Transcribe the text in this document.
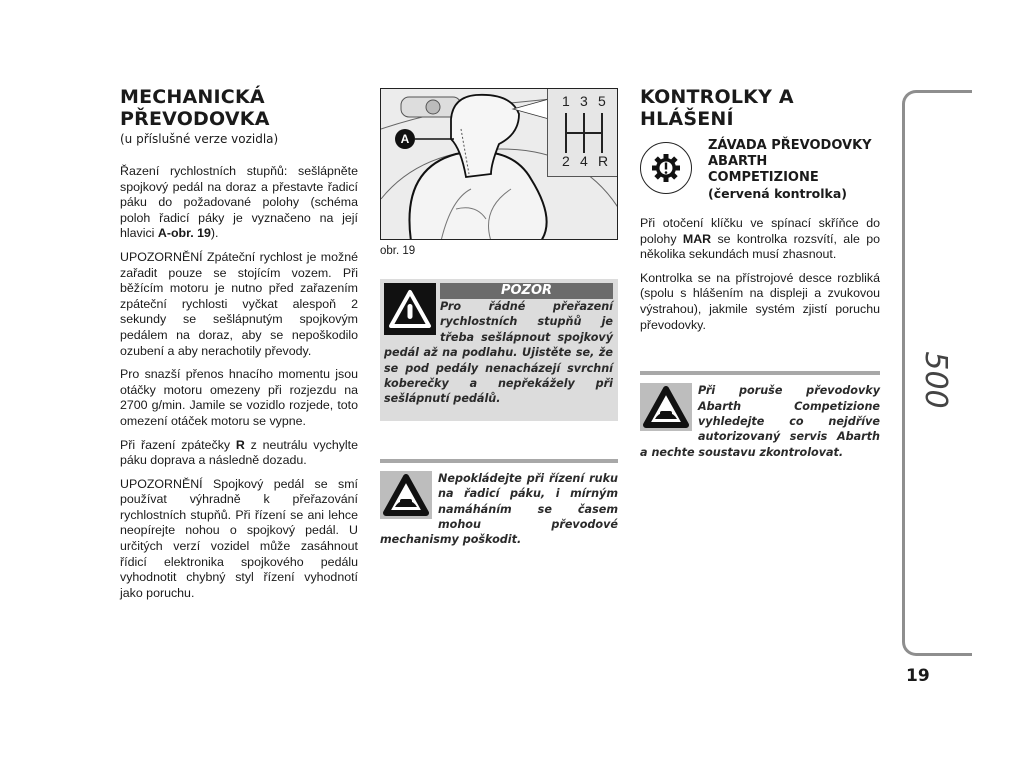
MECHANICKÁ
PŘEVODOVKA
(u příslušné verze vozidla)

Řazení rychlostních stupňů: sešlápněte spojkový pedál na doraz a přestavte řadicí páku do požadované polohy (schéma poloh řadicí páky je vyznačeno na její hlavici A-obr. 19).

UPOZORNĚNÍ Zpáteční rychlost je možné zařadit pouze se stojícím vozem. Při běžícím motoru je nutno před zařazením zpáteční rychlosti vyčkat alespoň 2 sekundy se sešlápnutým spojkovým pedálem na doraz, aby se nepoškodilo ozubení a aby nerachotily převody.

Pro snazší přenos hnacího momentu jsou otáčky motoru omezeny při rozjezdu na 2700 g/min. Jamile se vozidlo rozjede, toto omezení otáček motoru se vypne.

Při řazení zpátečky R z neutrálu vychylte páku doprava a následně dozadu.

UPOZORNĚNÍ Spojkový pedál se smí používat výhradně k přeřazování rychlostních stupňů. Při řízení se ani lehce neopírejte nohou o spojkový pedál. U určitých verzí vozidel může zasáhnout řídicí elektronika spojkového pedálu vyhodnotit chybný styl řízení vyhodnotí jako poruchu.

A
1 3 5
2 4 R
obr. 19
POZOR
Pro řádné přeřazení rychlostních stupňů je třeba sešlápnout spojkový pedál až na podlahu. Ujistěte se, že se pod pedály nenacházejí svrchní koberečky a nepřekážely při sešlápnutí pedálů.
Nepokládejte při řízení ruku na řadicí páku, i mírným namáháním se časem mohou převodové mechanismy poškodit.
KONTROLKY A
HLÁŠENÍ
ZÁVADA PŘEVODOVKY
ABARTH
COMPETIZIONE
(červená kontrolka)

Při otočení klíčku ve spínací skříňce do polohy MAR se kontrolka rozsvítí, ale po několika sekundách musí zhasnout.

Kontrolka se na přístrojové desce rozbliká (spolu s hlášením na displeji a zvukovou výstrahou), jakmile systém zjistí poruchu převodovky.

Při poruše převodovky Abarth Competizione vyhledejte co nejdříve autorizovaný servis Abarth a nechte soustavu zkontrolovat.
500
19
